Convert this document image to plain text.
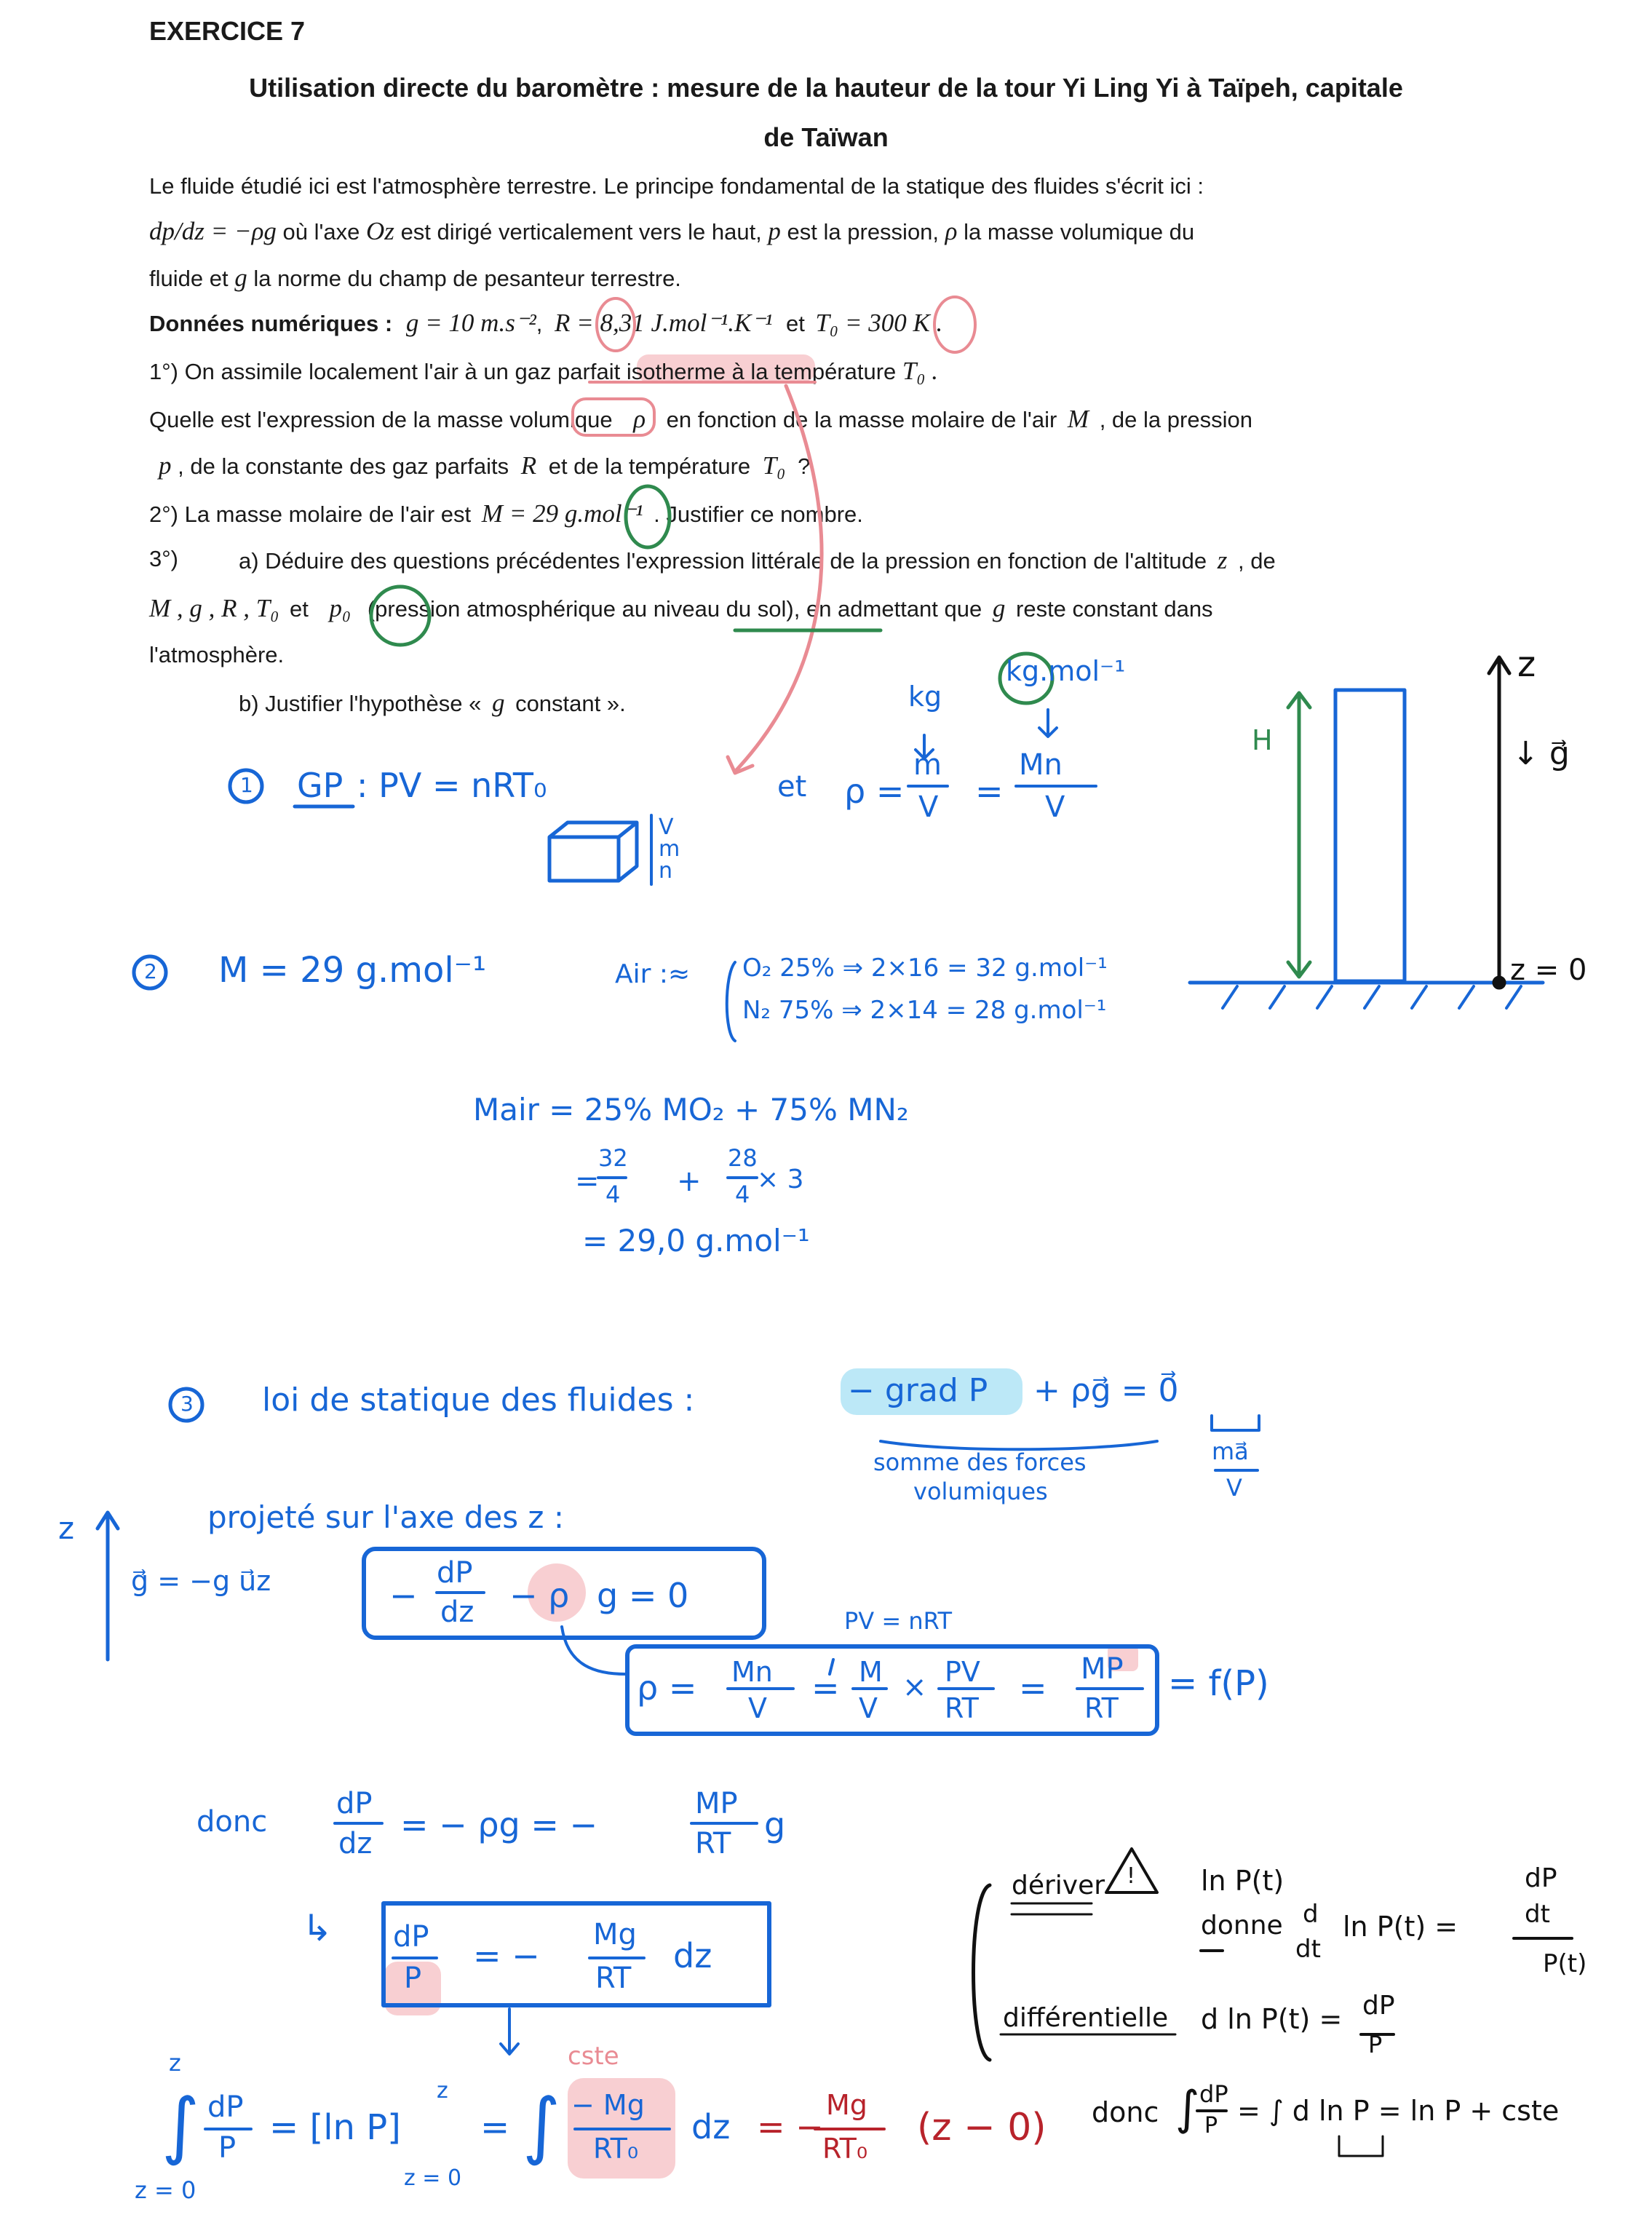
EXERCICE 7
Utilisation directe du baromètre : mesure de la hauteur de la tour Yi Ling Yi à Taïpeh, capitale
de Taïwan
Le fluide étudié ici est l'atmosphère terrestre. Le principe fondamental de la statique des fluides s'écrit ici :
dp/dz = −ρg où l'axe Oz est dirigé verticalement vers le haut, p est la pression, ρ la masse volumique du
fluide et g la norme du champ de pesanteur terrestre.
Données numériques : g = 10 m.s⁻², R = 8,31 J.mol⁻¹.K⁻¹ et T₀ = 300 K .
1°) On assimile localement l'air à un gaz parfait isotherme à la température T₀ .
Quelle est l'expression de la masse volumique ρ en fonction de la masse molaire de l'air M , de la pression
p , de la constante des gaz parfaits R et de la température T₀ ?
2°) La masse molaire de l'air est M = 29 g.mol⁻¹ . Justifier ce nombre.
3°)	a) Déduire des questions précédentes l'expression littérale de la pression en fonction de l'altitude z , de
M , g , R , T₀ et p₀ (pression atmosphérique au niveau du sol), en admettant que g reste constant dans
l'atmosphère.
b) Justifier l'hypothèse « g constant ».
1 GP : PV = nRT₀
V
m
n
et ρ =
m
V =
Mn
V
kg
kg.mol⁻¹
H
z
↓ g⃗
z = 0
2 M = 29 g.mol⁻¹	Air :≈ O₂ 25% ⇒ 2×16 = 32 g.mol⁻¹
N₂ 75% ⇒ 2×14 = 28 g.mol⁻¹
Mair = 25% MO₂ + 75% MN₂
=
32
4 +
28
4 × 3
= 29,0 g.mol⁻¹
3 loi de statique des fluides :	− grad P + ρg⃗ = 0⃗
somme des forces
volumiques
ma⃗
V
projeté sur l'axe des z :
z
g⃗ = −g u⃗z	−
dP
dz − ρ g = 0
PV = nRT
ρ = Mn
V
= M
V
× PV
RT
= MP
RT
= f(P)
donc
dP
dz = − ρg = −
MP
RT g
↳ dP
P
= −
Mg
RT
dz
cste
z
∫
z = 0
dP
P = [ln P]
z
z = 0
= ∫ − Mg
RT₀
dz = −
Mg
RT₀ (z − 0)
dériver ! ln P(t)
donne d
dt
ln P(t) =
dP
dt
P(t)
différentielle d ln P(t) = dP
P
donc ∫ dP
P = ∫ d ln P = ln P + cste
